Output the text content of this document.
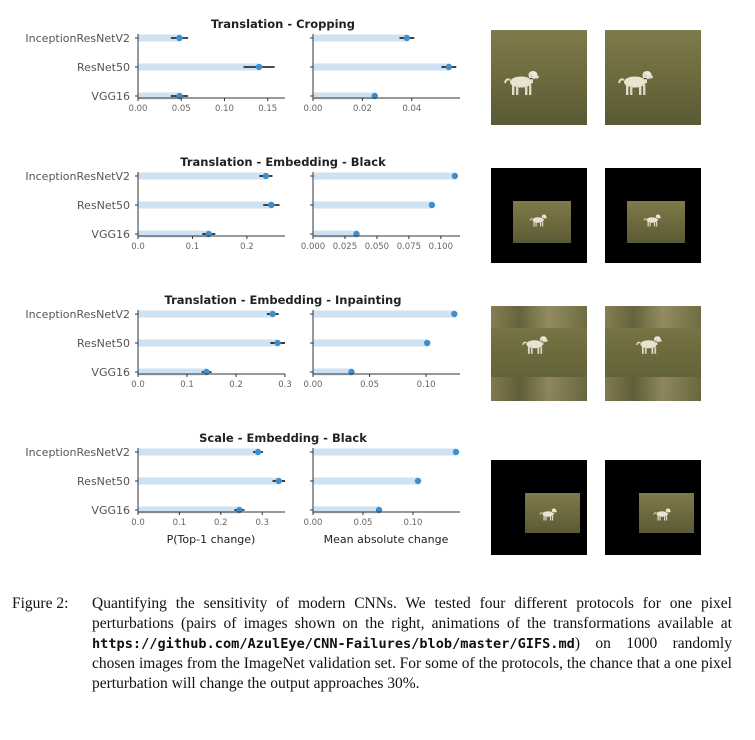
Translation - Cropping
InceptionResNetV2
ResNet50
VGG16
0.00	0.05	0.10	0.15	0.00	0.02	0.04
Translation - Embedding - Black
InceptionResNetV2
ResNet50
VGG16
0.0	0.1	0.2	0.000 0.025 0.050 0.075 0.100
Translation - Embedding - Inpainting
InceptionResNetV2
ResNet50
VGG16
0.0	0.1	0.2	0.3 0.00	0.05	0.10
Scale - Embedding - Black
InceptionResNetV2
ResNet50
VGG16
0.0	0.1	0.2	0.3	0.00	0.05	0.10
P(Top-1 change)	Mean absolute change
Figure 2: Quantifying the sensitivity of modern CNNs. We tested four different protocols for one pixel perturbations (pairs of images shown on the right, animations of the transformations available at https://github.com/AzulEye/CNN-Failures/blob/master/GIFS.md) on 1000 randomly chosen images from the ImageNet validation set. For some of the protocols, the chance that a one pixel perturbation will change the output approaches 30%.
